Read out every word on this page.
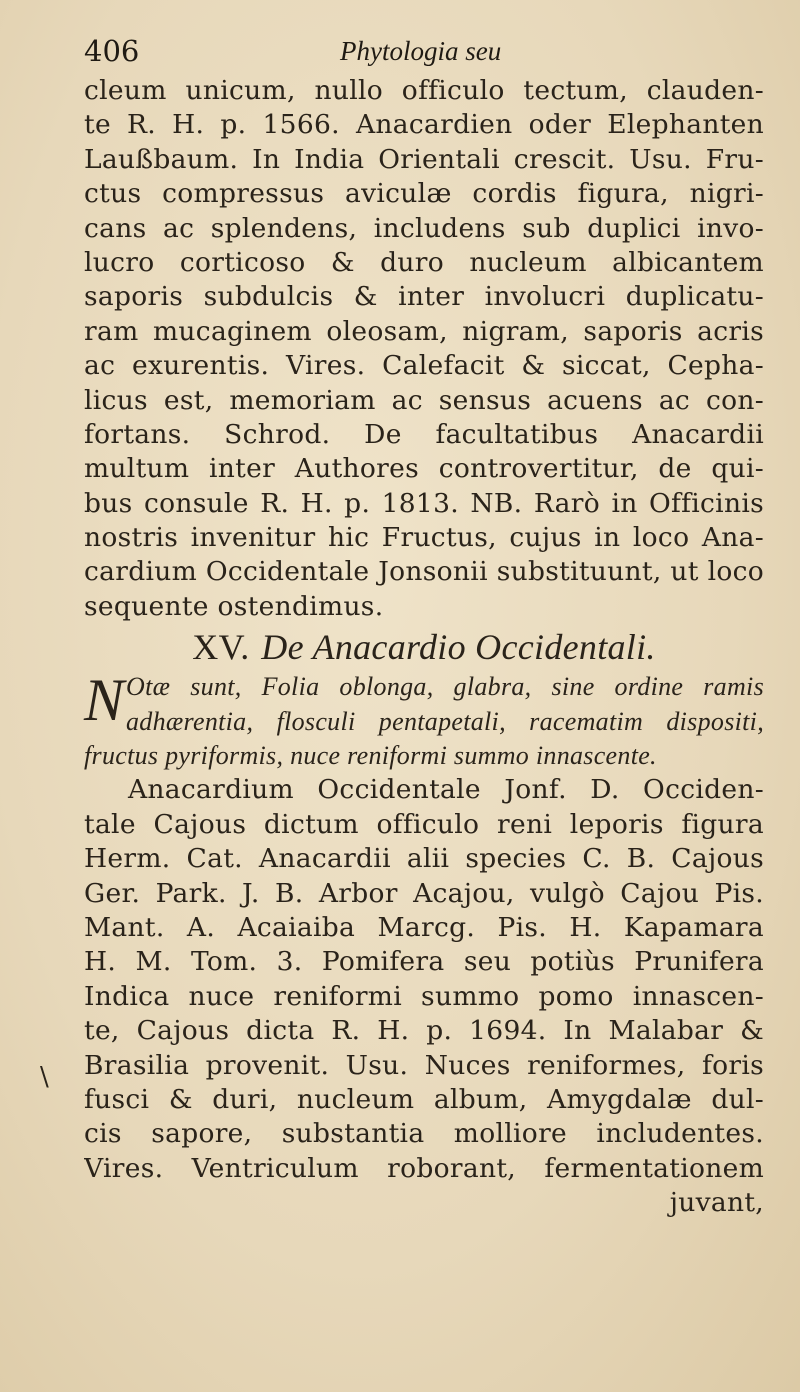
406	Phytologia seu
\
cleum unicum, nullo officulo tectum, clauden-
te R. H. p. 1566. Anacardien oder Elephanten
Laußbaum. In India Orientali crescit. Usu. Fru-
ctus compressus aviculæ cordis figura, nigri-
cans ac splendens, includens sub duplici invo-
lucro corticoso & duro nucleum albicantem
saporis subdulcis & inter involucri duplicatu-
ram mucaginem oleosam, nigram, saporis acris
ac exurentis. Vires. Calefacit & siccat, Cepha-
licus est, memoriam ac sensus acuens ac con-
fortans. Schrod. De facultatibus Anacardii
multum inter Authores controvertitur, de qui-
bus consule R. H. p. 1813. NB. Rarò in Officinis
nostris invenitur hic Fructus, cujus in loco Ana-
cardium Occidentale Jonsonii substituunt, ut loco
sequente ostendimus.
XV. De Anacardio Occidentali.
N Otæ sunt, Folia oblonga, glabra, sine ordine ramis
adhærentia, flosculi pentapetali, racematim dispositi,
fructus pyriformis, nuce reniformi summo innascente.
Anacardium Occidentale Jonf. D. Occiden-
tale Cajous dictum officulo reni leporis figura
Herm. Cat. Anacardii alii species C. B. Cajous
Ger. Park. J. B. Arbor Acajou, vulgò Cajou Pis.
Mant. A. Acaiaiba Marcg. Pis. H. Kapamara
H. M. Tom. 3. Pomifera seu potiùs Prunifera
Indica nuce reniformi summo pomo innascen-
te, Cajous dicta R. H. p. 1694. In Malabar &
Brasilia provenit. Usu. Nuces reniformes, foris
fusci & duri, nucleum album, Amygdalæ dul-
cis sapore, substantia molliore includentes.
Vires. Ventriculum roborant, fermentationem
juvant,
